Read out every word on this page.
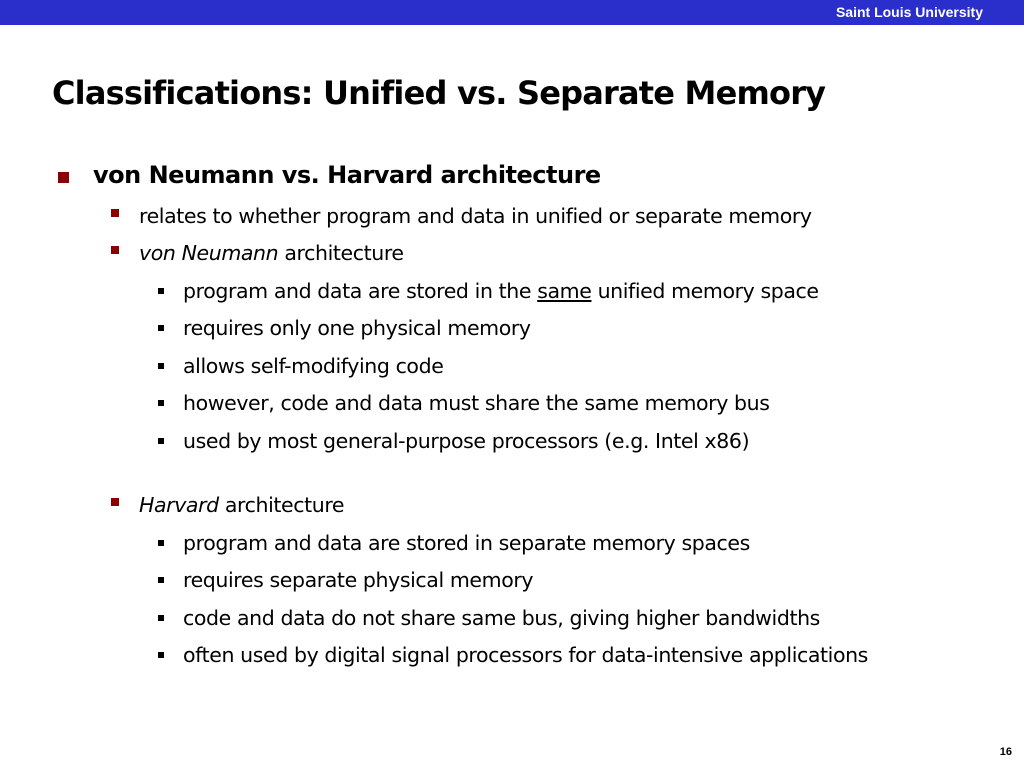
Saint Louis University
Classifications: Unified vs. Separate Memory
von Neumann vs. Harvard architecture
relates to whether program and data in unified or separate memory
von Neumann architecture
program and data are stored in the same unified memory space
requires only one physical memory
allows self-modifying code
however, code and data must share the same memory bus
used by most general-purpose processors (e.g. Intel x86)
Harvard architecture
program and data are stored in separate memory spaces
requires separate physical memory
code and data do not share same bus, giving higher bandwidths
often used by digital signal processors for data-intensive applications
16
